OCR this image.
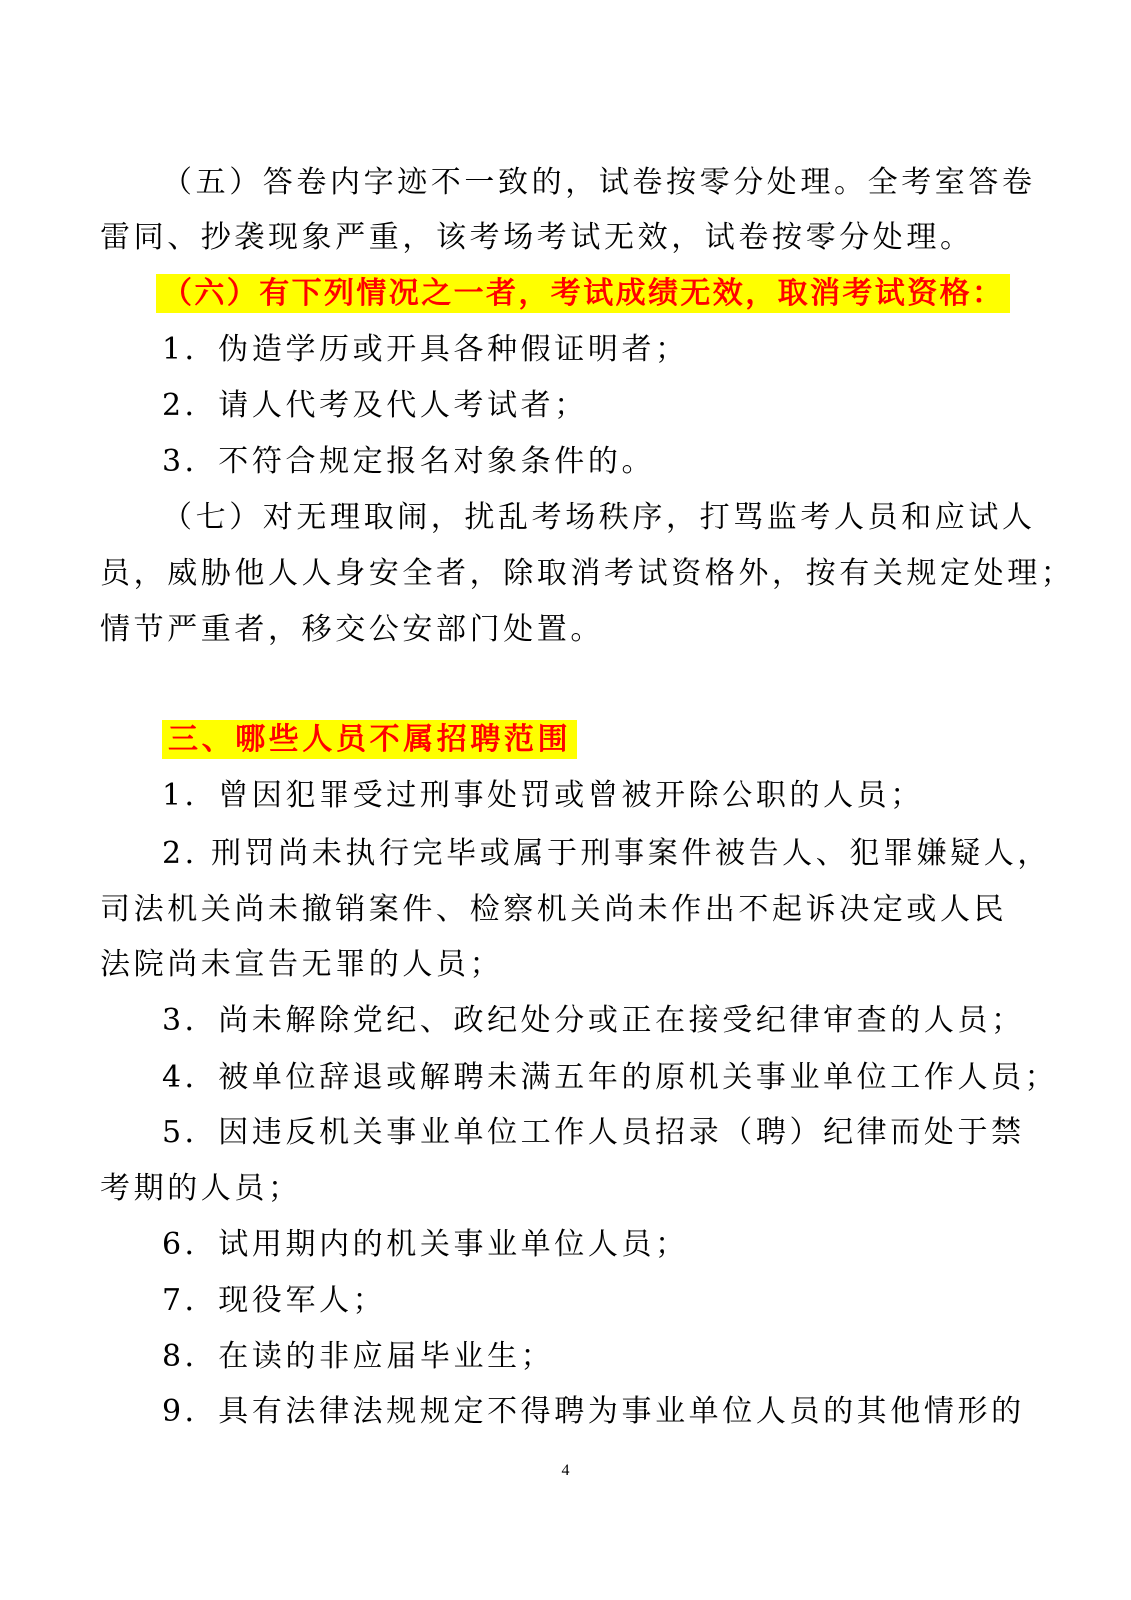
（五）答卷内字迹不一致的，试卷按零分处理。全考室答卷
雷同、抄袭现象严重，该考场考试无效，试卷按零分处理。
（六）有下列情况之一者，考试成绩无效，取消考试资格：
1．伪造学历或开具各种假证明者；
2．请人代考及代人考试者；
3．不符合规定报名对象条件的。
（七）对无理取闹，扰乱考场秩序，打骂监考人员和应试人
员，威胁他人人身安全者，除取消考试资格外，按有关规定处理；
情节严重者，移交公安部门处置。
三、哪些人员不属招聘范围
1．曾因犯罪受过刑事处罚或曾被开除公职的人员；
2. 刑罚尚未执行完毕或属于刑事案件被告人、犯罪嫌疑人，
司法机关尚未撤销案件、检察机关尚未作出不起诉决定或人民
法院尚未宣告无罪的人员；
3．尚未解除党纪、政纪处分或正在接受纪律审查的人员；
4．被单位辞退或解聘未满五年的原机关事业单位工作人员；
5．因违反机关事业单位工作人员招录（聘）纪律而处于禁
考期的人员；
6．试用期内的机关事业单位人员；
7．现役军人；
8．在读的非应届毕业生；
9．具有法律法规规定不得聘为事业单位人员的其他情形的
4
